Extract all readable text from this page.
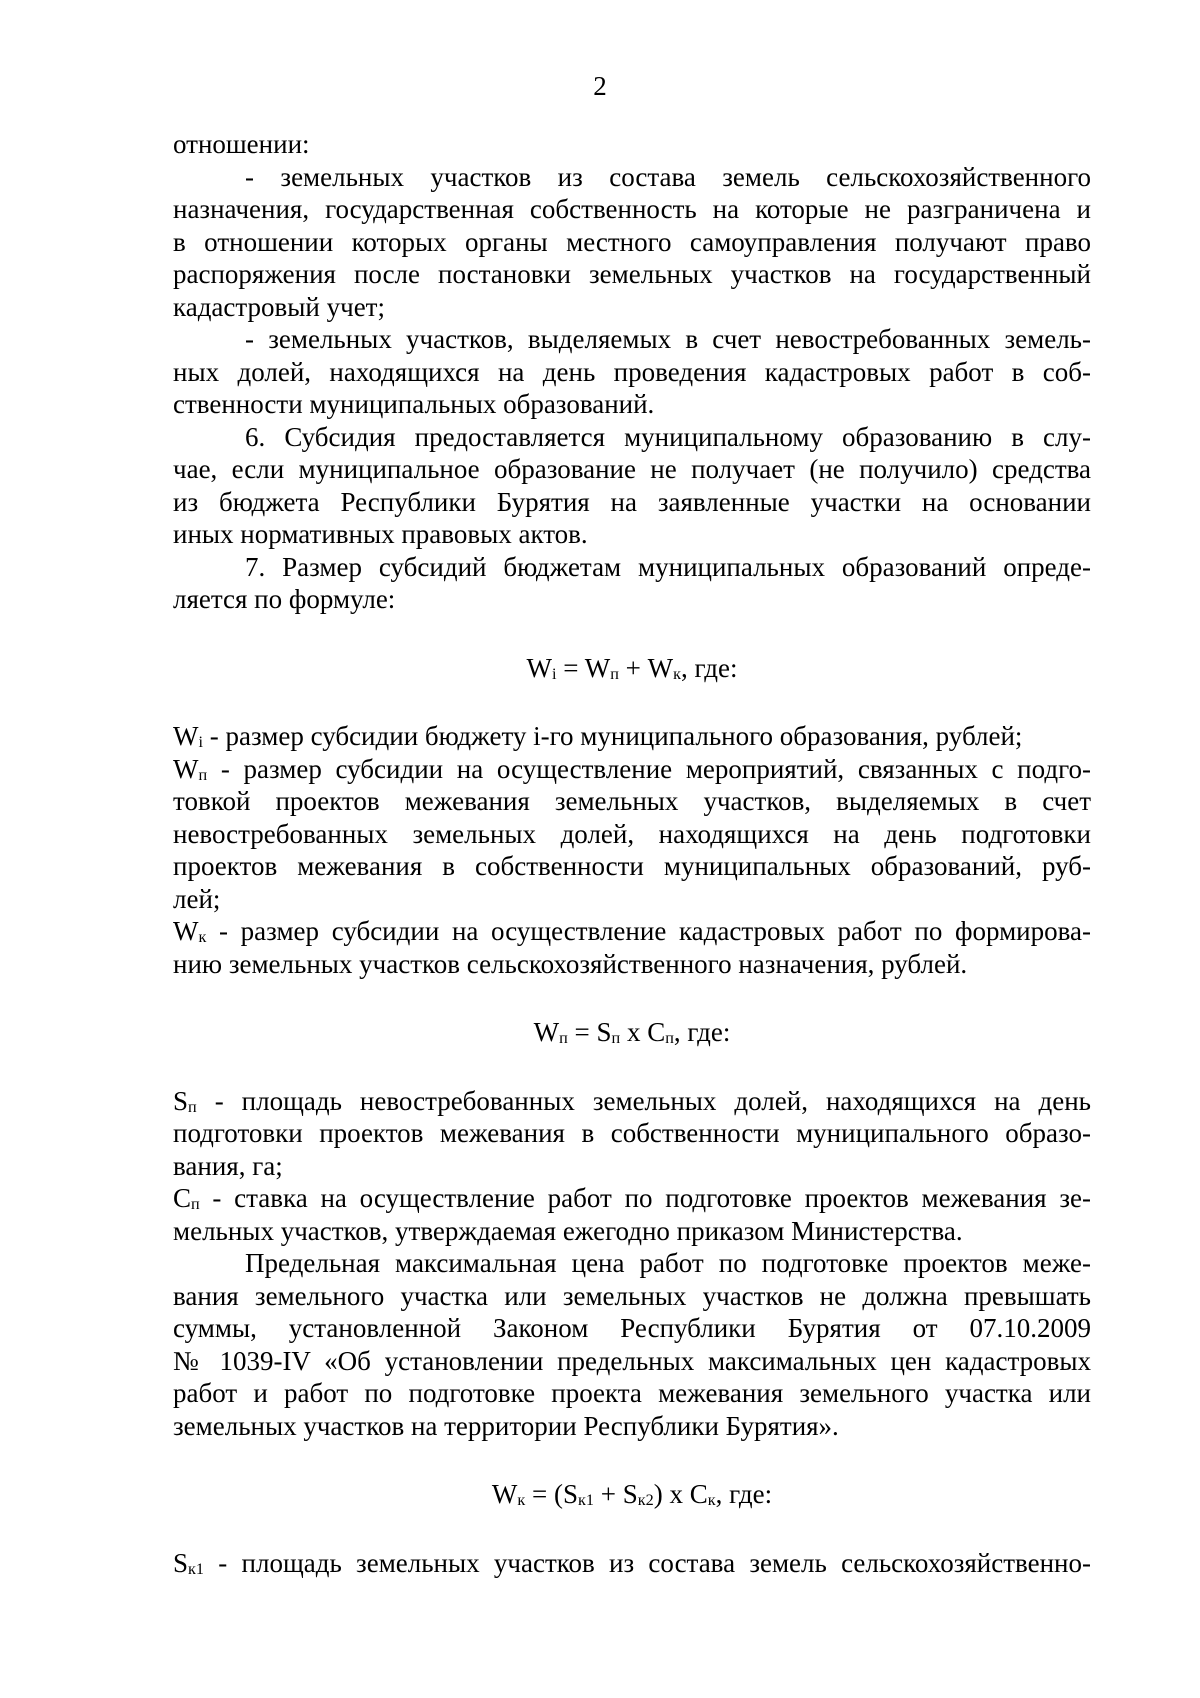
2
отношении:
- земельных участков из состава земель сельскохозяйственного
назначения, государственная собственность на которые не разграничена и
в отношении которых органы местного самоуправления получают право
распоряжения после постановки земельных участков на государственный
кадастровый учет;
- земельных участков, выделяемых в счет невостребованных земель-
ных долей, находящихся на день проведения кадастровых работ в соб-
ственности муниципальных образований.
6. Субсидия предоставляется муниципальному образованию в слу-
чае, если муниципальное образование не получает (не получило) средства
из бюджета Республики Бурятия на заявленные участки на основании
иных нормативных правовых актов.
7. Размер субсидий бюджетам муниципальных образований опреде-
ляется по формуле:
$W_i = W_п + W_к$, где:
$W_i$ - размер субсидии бюджету i-го муниципального образования, рублей;
$W_п$ - размер субсидии на осуществление мероприятий, связанных с подго-
товкой проектов межевания земельных участков, выделяемых в счет
невостребованных земельных долей, находящихся на день подготовки
проектов межевания в собственности муниципальных образований, руб-
лей;
$W_к$ - размер субсидии на осуществление кадастровых работ по формирова-
нию земельных участков сельскохозяйственного назначения, рублей.
$W_п = S_п$ x $C_п$, где:
$S_п$ - площадь невостребованных земельных долей, находящихся на день
подготовки проектов межевания в собственности муниципального образо-
вания, га;
$C_п$ - ставка на осуществление работ по подготовке проектов межевания зе-
мельных участков, утверждаемая ежегодно приказом Министерства.
Предельная максимальная цена работ по подготовке проектов меже-
вания земельного участка или земельных участков не должна превышать
суммы, установленной Законом Республики Бурятия от 07.10.2009
№ 1039-IV «Об установлении предельных максимальных цен кадастровых
работ и работ по подготовке проекта межевания земельного участка или
земельных участков на территории Республики Бурятия».
$W_к = (S_{к1} + S_{к2})$ x $C_к$, где:
$S_{к1}$ - площадь земельных участков из состава земель сельскохозяйственно-
